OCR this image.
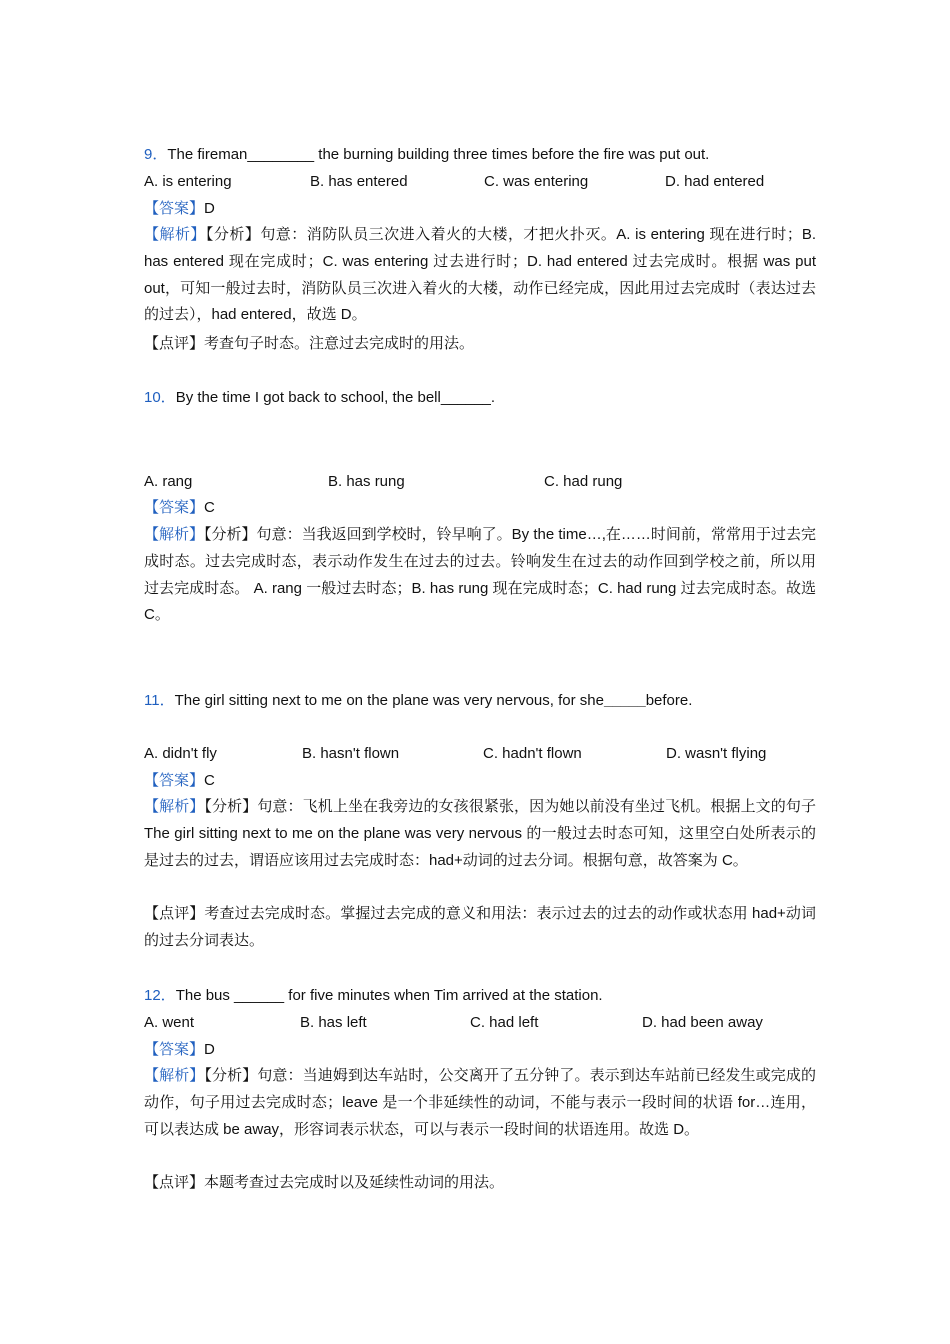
9．The fireman________ the burning building three times before the fire was put out.
A. is entering	B. has entered	C. was entering	D. had entered
【答案】D
【解析】【分析】句意：消防队员三次进入着火的大楼，才把火扑灭。A. is entering 现在进行时；B. has entered 现在完成时；C. was entering 过去进行时；D. had entered 过去完成时。根据 was put out，可知一般过去时，消防队员三次进入着火的大楼，动作已经完成，因此用过去完成时（表达过去的过去），had entered，故选 D。
【点评】考查句子时态。注意过去完成时的用法。
10．By the time I got back to school, the bell______.
A. rang	B. has rung	C. had rung
【答案】C
【解析】【分析】句意：当我返回到学校时，铃早响了。By the time…,在……时间前，常常用于过去完成时态。过去完成时态，表示动作发生在过去的过去。铃响发生在过去的动作回到学校之前，所以用过去完成时态。 A. rang 一般过去时态；B. has rung 现在完成时态；C. had rung 过去完成时态。故选 C。
11．The girl sitting next to me on the plane was very nervous, for she_____before.
A. didn't fly	B. hasn't flown	C. hadn't flown	D. wasn't flying
【答案】C
【解析】【分析】句意：飞机上坐在我旁边的女孩很紧张，因为她以前没有坐过飞机。根据上文的句子 The girl sitting next to me on the plane was very nervous 的一般过去时态可知，这里空白处所表示的是过去的过去，谓语应该用过去完成时态：had+动词的过去分词。根据句意，故答案为 C。
【点评】考查过去完成时态。掌握过去完成的意义和用法：表示过去的过去的动作或状态用 had+动词的过去分词表达。
12．The bus ______ for five minutes when Tim arrived at the station.
A. went	B. has left	C. had left	D. had been away
【答案】D
【解析】【分析】句意：当迪姆到达车站时，公交离开了五分钟了。表示到达车站前已经发生或完成的动作，句子用过去完成时态；leave 是一个非延续性的动词，不能与表示一段时间的状语 for…连用，可以表达成 be away，形容词表示状态，可以与表示一段时间的状语连用。故选 D。
【点评】本题考查过去完成时以及延续性动词的用法。
